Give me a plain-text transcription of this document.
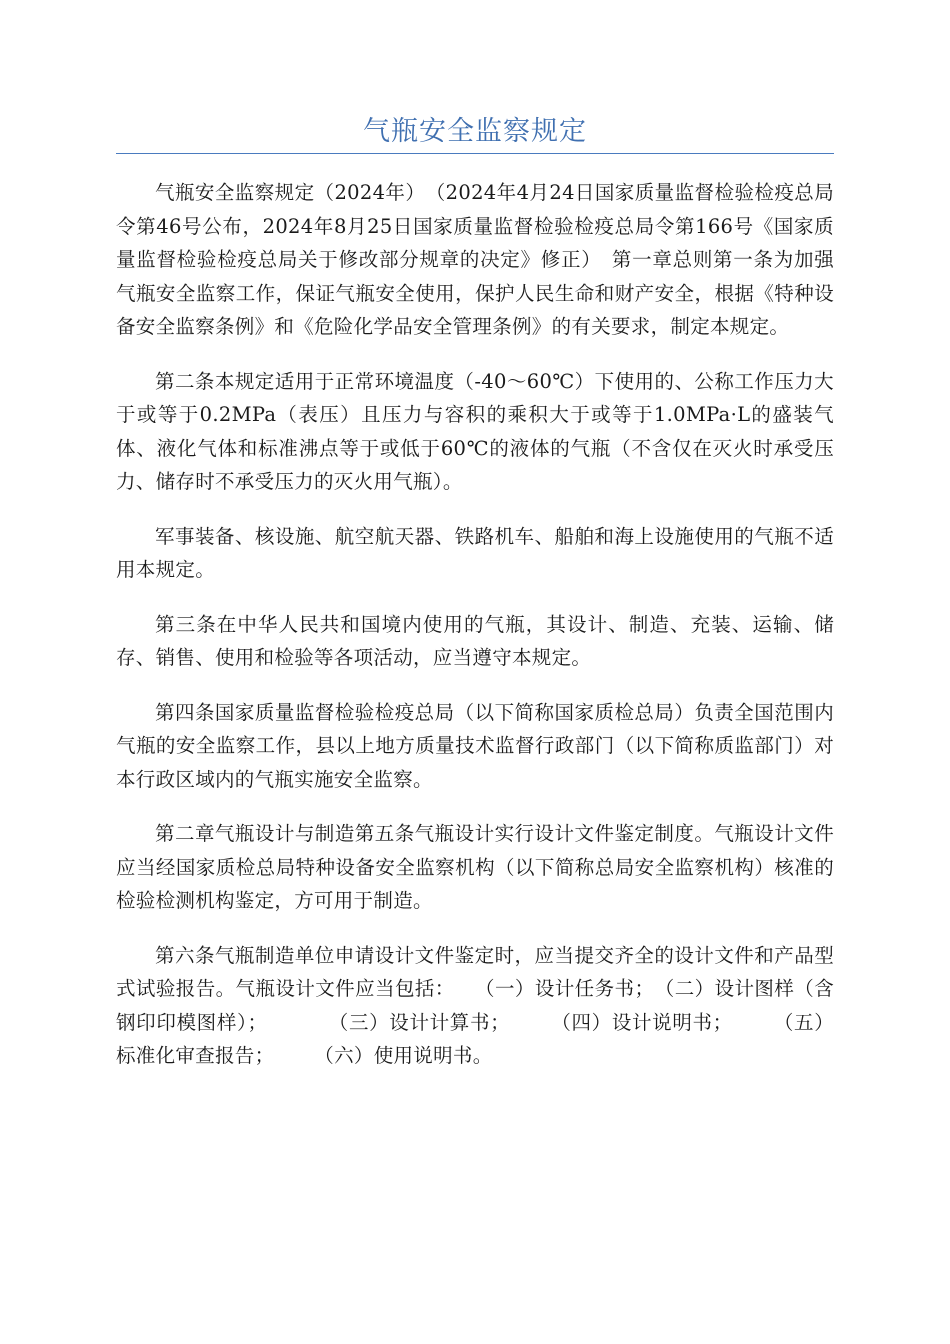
气瓶安全监察规定

气瓶安全监察规定（2024年）　（2024年4月24日国家质量监督检验检疫总局令第46号公布，2024年8月25日国家质量监督检验检疫总局令第166号《国家质量监督检验检疫总局关于修改部分规章的决定》修正）　第一章总则第一条为加强气瓶安全监察工作，保证气瓶安全使用，保护人民生命和财产安全，根据《特种设备安全监察条例》和《危险化学品安全管理条例》的有关要求，制定本规定。

第二条本规定适用于正常环境温度（-40～60℃）下使用的、公称工作压力大于或等于0.2MPa（表压）且压力与容积的乘积大于或等于1.0MPa·L的盛装气体、液化气体和标准沸点等于或低于60℃的液体的气瓶（不含仅在灭火时承受压力、储存时不承受压力的灭火用气瓶）。

军事装备、核设施、航空航天器、铁路机车、船舶和海上设施使用的气瓶不适用本规定。

第三条在中华人民共和国境内使用的气瓶，其设计、制造、充装、运输、储存、销售、使用和检验等各项活动，应当遵守本规定。

第四条国家质量监督检验检疫总局（以下简称国家质检总局）负责全国范围内气瓶的安全监察工作，县以上地方质量技术监督行政部门（以下简称质监部门）对本行政区域内的气瓶实施安全监察。

第二章气瓶设计与制造第五条气瓶设计实行设计文件鉴定制度。气瓶设计文件应当经国家质检总局特种设备安全监察机构（以下简称总局安全监察机构）核准的检验检测机构鉴定，方可用于制造。

第六条气瓶制造单位申请设计文件鉴定时，应当提交齐全的设计文件和产品型式试验报告。气瓶设计文件应当包括：　　（一）设计任务书；　（二）设计图样（含钢印印模图样）；　　　　（三）设计计算书；　　　（四）设计说明书；　　　（五）标准化审查报告；　　　（六）使用说明书。
